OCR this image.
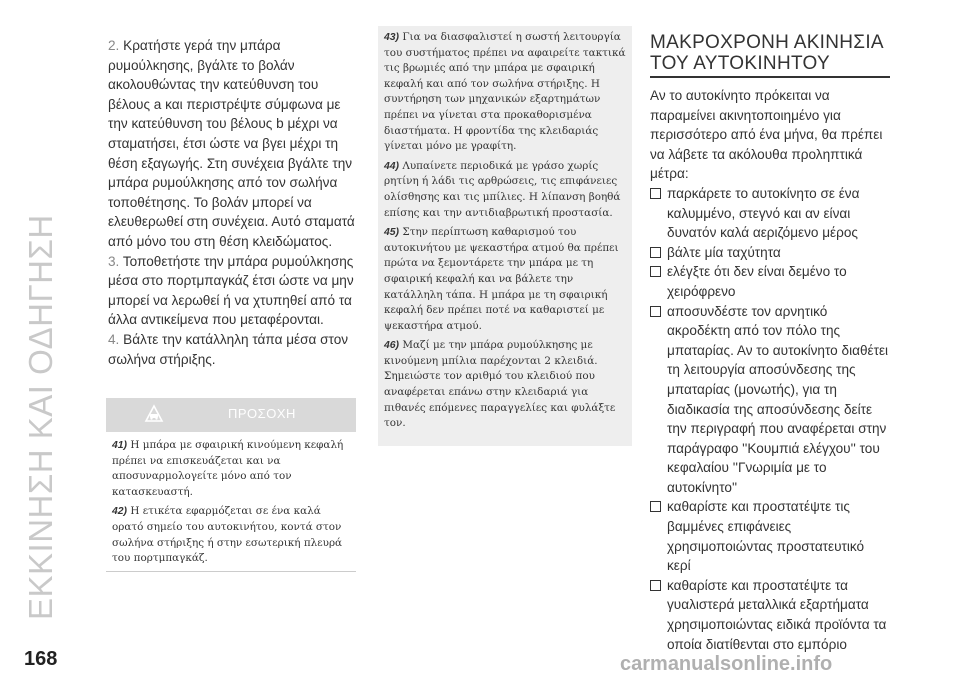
ΕΚΚΙΝΗΣΗ ΚΑΙ ΟΔΗΓΗΣΗ

2. Κρατήστε γερά την μπάρα ρυμούλκησης, βγάλτε το βολάν ακολουθώντας την κατεύθυνση του βέλους a και περιστρέψτε σύμφωνα με την κατεύθυνση του βέλους b μέχρι να σταματήσει, έτσι ώστε να βγει μέχρι τη θέση εξαγωγής. Στη συνέχεια βγάλτε την μπάρα ρυμούλκησης από τον σωλήνα τοποθέτησης. Το βολάν μπορεί να ελευθερωθεί στη συνέχεια. Αυτό σταματά από μόνο του στη θέση κλειδώματος.

3. Τοποθετήστε την μπάρα ρυμούλκησης μέσα στο πορτμπαγκάζ έτσι ώστε να μην μπορεί να λερωθεί ή να χτυπηθεί από τα άλλα αντικείμενα που μεταφέρονται.

4. Βάλτε την κατάλληλη τάπα μέσα στον σωλήνα στήριξης.

ΠΡΟΣΟΧΗ

41) Η μπάρα με σφαιρική κινούμενη κεφαλή πρέπει να επισκευάζεται και να αποσυναρμολογείτε μόνο από τον κατασκευαστή.

42) Η ετικέτα εφαρμόζεται σε ένα καλά ορατό σημείο του αυτοκινήτου, κοντά στον σωλήνα στήριξης ή στην εσωτερική πλευρά του πορτμπαγκάζ.

43) Για να διασφαλιστεί η σωστή λειτουργία του συστήματος πρέπει να αφαιρείτε τακτικά τις βρωμιές από την μπάρα με σφαιρική κεφαλή και από τον σωλήνα στήριξης. Η συντήρηση των μηχανικών εξαρτημάτων πρέπει να γίνεται στα προκαθορισμένα διαστήματα. Η φροντίδα της κλειδαριάς γίνεται μόνο με γραφίτη.

44) Λυπαίνετε περιοδικά με γράσο χωρίς ρητίνη ή λάδι τις αρθρώσεις, τις επιφάνειες ολίσθησης και τις μπίλιες. Η λίπανση βοηθά επίσης και την αντιδιαβρωτική προστασία.

45) Στην περίπτωση καθαρισμού του αυτοκινήτου με ψεκαστήρα ατμού θα πρέπει πρώτα να ξεμοντάρετε την μπάρα με τη σφαιρική κεφαλή και να βάλετε την κατάλληλη τάπα. Η μπάρα με τη σφαιρική κεφαλή δεν πρέπει ποτέ να καθαριστεί με ψεκαστήρα ατμού.

46) Μαζί με την μπάρα ρυμούλκησης με κινούμενη μπίλια παρέχονται 2 κλειδιά. Σημειώστε τον αριθμό του κλειδιού που αναφέρεται επάνω στην κλειδαριά για πιθανές επόμενες παραγγελίες και φυλάξτε τον.

ΜΑΚΡΟΧΡΟΝΗ ΑΚΙΝΗΣΙΑ ΤΟΥ ΑΥΤΟΚΙΝΗΤΟΥ

Αν το αυτοκίνητο πρόκειται να παραμείνει ακινητοποιημένο για περισσότερο από ένα μήνα, θα πρέπει να λάβετε τα ακόλουθα προληπτικά μέτρα:

παρκάρετε το αυτοκίνητο σε ένα καλυμμένο, στεγνό και αν είναι δυνατόν καλά αεριζόμενο μέρος

βάλτε μία ταχύτητα

ελέγξτε ότι δεν είναι δεμένο το χειρόφρενο

αποσυνδέστε τον αρνητικό ακροδέκτη από τον πόλο της μπαταρίας. Αν το αυτοκίνητο διαθέτει τη λειτουργία αποσύνδεσης της μπαταρίας (μονωτής), για τη διαδικασία της αποσύνδεσης δείτε την περιγραφή που αναφέρεται στην παράγραφο ''Κουμπιά ελέγχου'' του κεφαλαίου ''Γνωριμία με το αυτοκίνητο''

καθαρίστε και προστατέψτε τις βαμμένες επιφάνειες χρησιμοποιώντας προστατευτικό κερί

καθαρίστε και προστατέψτε τα γυαλιστερά μεταλλικά εξαρτήματα χρησιμοποιώντας ειδικά προϊόντα τα οποία διατίθενται στο εμπόριο

168	carmanualsonline.info
